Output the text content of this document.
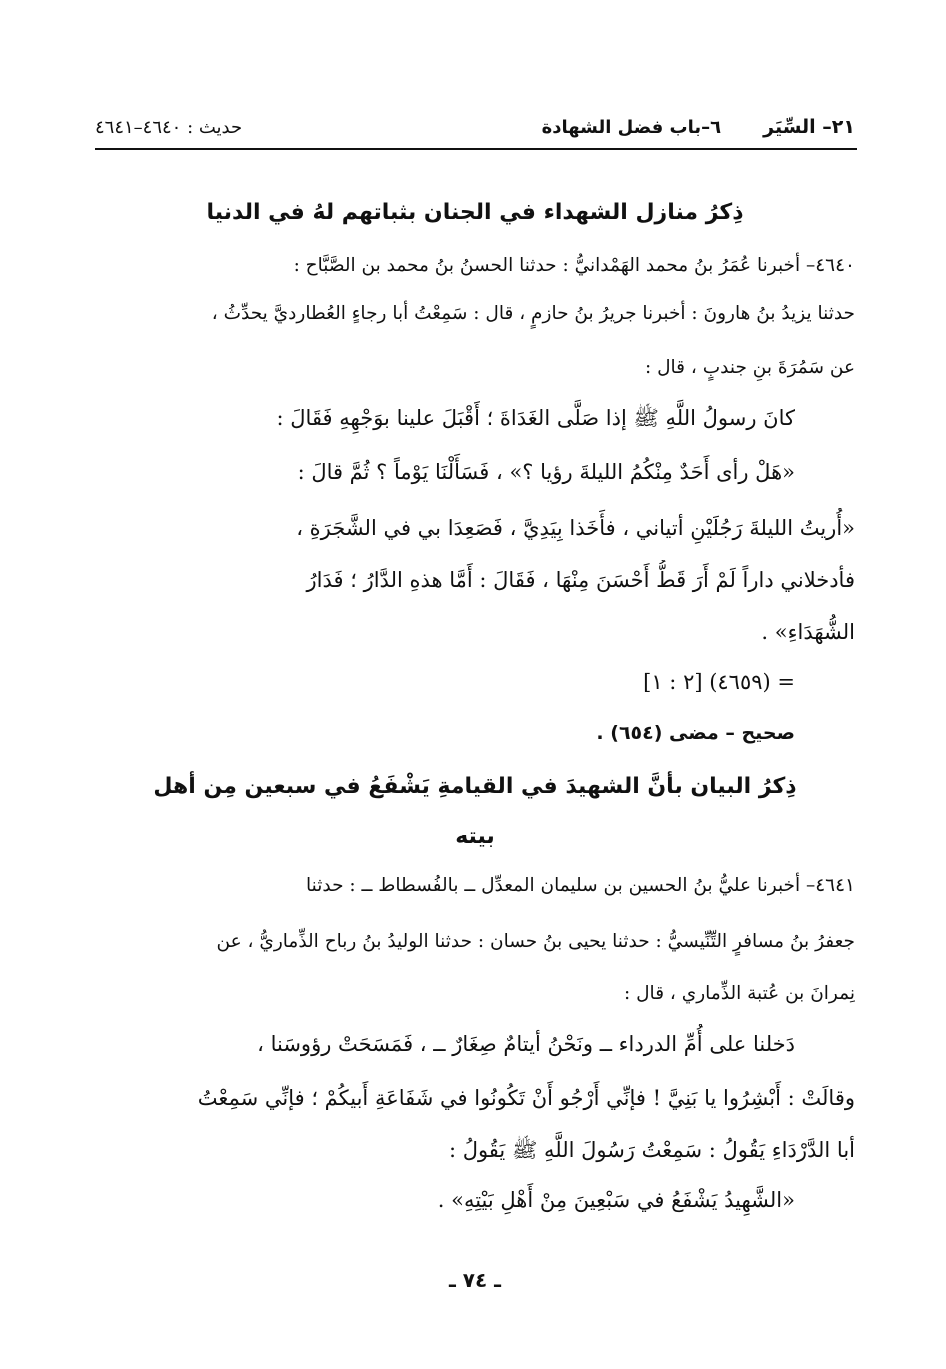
٢١– السِّيَر
٦–باب فضل الشهادة
حديث : ٤٦٤٠–٤٦٤١
ذِكرُ منازل الشهداء في الجنان بثباتهم لهُ في الدنيا
٤٦٤٠– أخبرنا عُمَرُ بنُ محمد الهَمْدانيُّ : حدثنا الحسنُ بنُ محمد بن الصَّبَّاح :
حدثنا يزيدُ بنُ هارونَ : أخبرنا جريرُ بنُ حازمٍ ، قال : سَمِعْتُ أبا رجاءٍ العُطارديَّ يحدِّثُ ،
عن سَمُرَةَ بنِ جندبٍ ، قال :
كانَ رسولُ اللَّهِ ﷺ إذا صَلَّى الغَدَاةَ ؛ أَقْبَلَ علينا بوَجْهِهِ فَقَالَ :
«هَلْ رأى أَحَدٌ مِنْكُمُ الليلةَ رؤيا ؟» ، فَسَأَلْنَا يَوْماً ؟ ثُمَّ قالَ :
«أُريتُ الليلةَ رَجُلَيْنِ أتياني ، فأَخَذا بِيَدِيَّ ، فَصَعِدَا بي في الشَّجَرَةِ ،
فأدخلاني داراً لَمْ أَرَ قَطُّ أَحْسَنَ مِنْهَا ، فَقَالَ : أَمَّا هذهِ الدَّارُ ؛ فَدَارُ
الشُّهَدَاءِ» .
= (٤٦٥٩) [٢ : ١]
صحيح – مضى (٦٥٤) .
ذِكرُ البيان بأنَّ الشهيدَ في القيامةِ يَشْفَعُ في سبعين مِن أهل
بيته
٤٦٤١– أخبرنا عليُّ بنُ الحسين بن سليمان المعدِّل ــ بالفُسطاط ــ : حدثنا
جعفرُ بنُ مسافرٍ التِّنِّيسيُّ : حدثنا يحيى بنُ حسان : حدثنا الوليدُ بنُ رباح الذِّماريُّ ، عن
نِمرانَ بن عُتبة الذِّماري ، قال :
دَخلنا على أُمِّ الدرداء ــ ونَحْنُ أيتامٌ صِغَارٌ ــ ، فَمَسَحَتْ رؤوسَنا ،
وقالَتْ : أَبْشِرُوا يا بَنِيَّ ! فإنِّي أَرْجُو أَنْ تَكُونُوا في شَفَاعَةِ أَبيكُمْ ؛ فإنِّي سَمِعْتُ
أبا الدَّرْدَاءِ يَقُولُ : سَمِعْتُ رَسُولَ اللَّهِ ﷺ يَقُولُ :
«الشَّهِيدُ يَشْفَعُ في سَبْعِينَ مِنْ أَهْلِ بَيْتِهِ» .
ـ ٧٤ ـ
